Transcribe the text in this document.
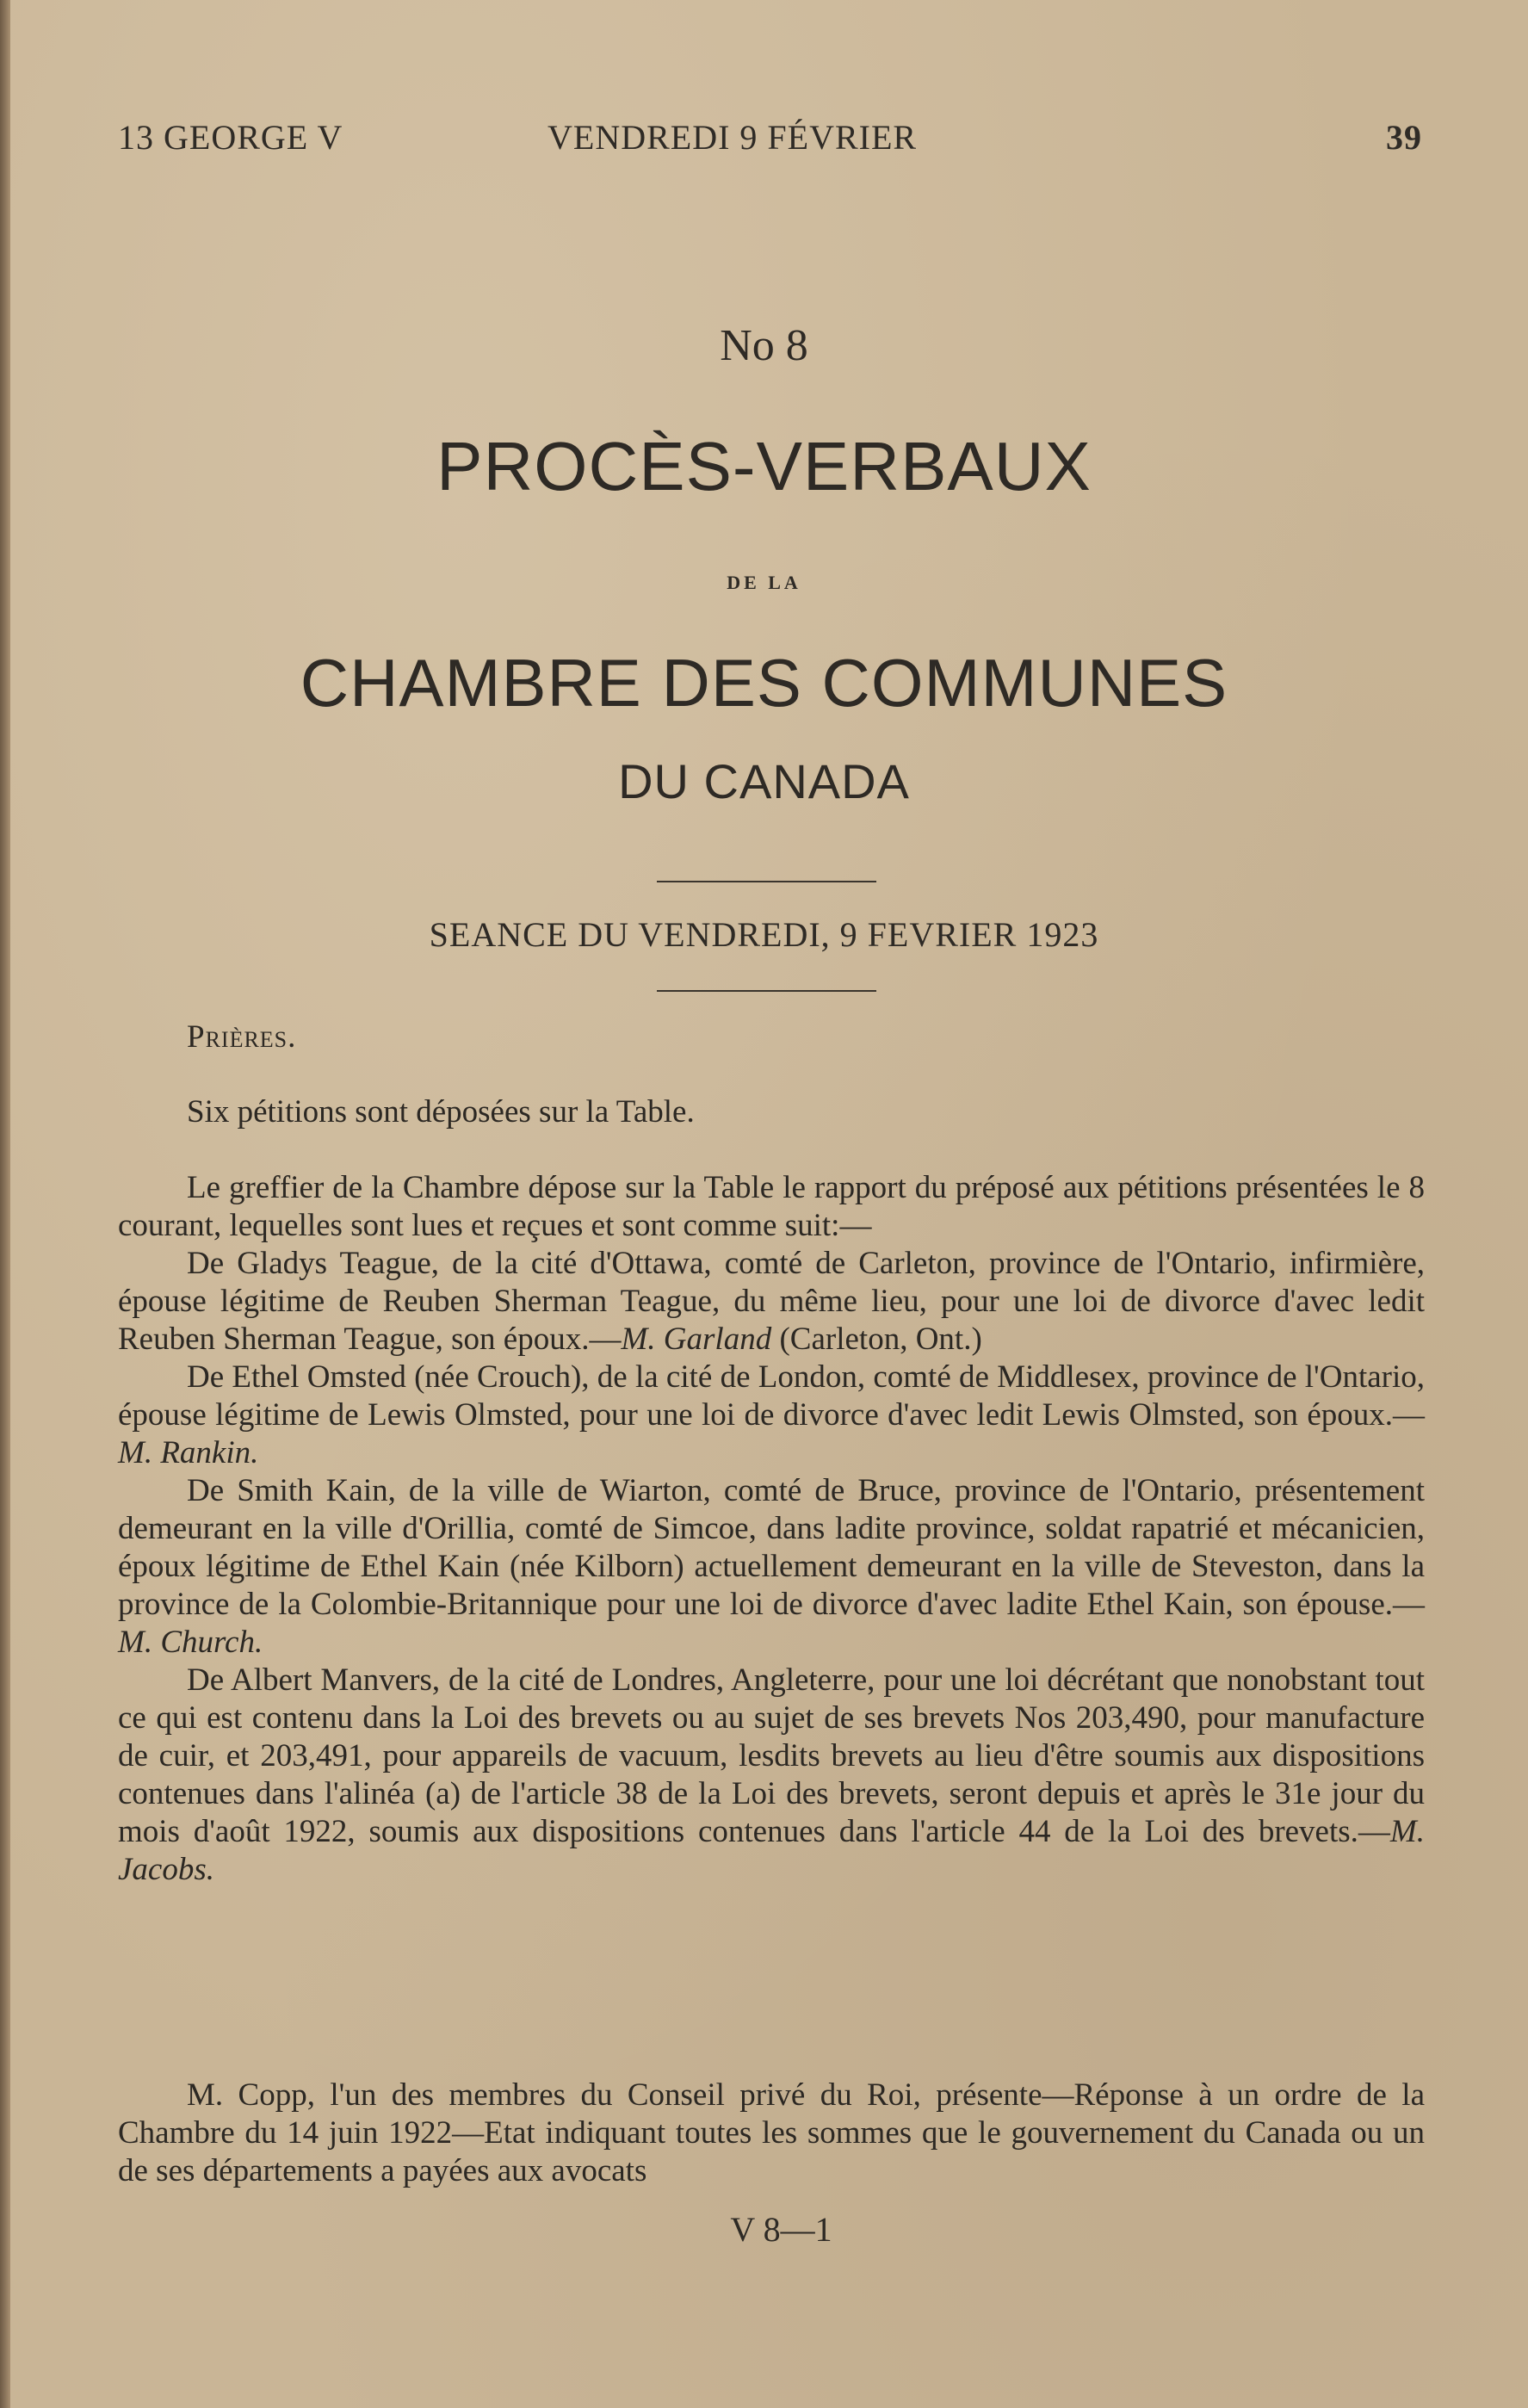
13 GEORGE V	VENDREDI 9 FÉVRIER	39
No 8
PROCÈS-VERBAUX
DE LA
CHAMBRE DES COMMUNES
DU CANADA
SEANCE DU VENDREDI, 9 FEVRIER 1923

Prières.

Six pétitions sont déposées sur la Table.

Le greffier de la Chambre dépose sur la Table le rapport du préposé aux pétitions présentées le 8 courant, lequelles sont lues et reçues et sont comme suit:—

De Gladys Teague, de la cité d'Ottawa, comté de Carleton, province de l'Ontario, infirmière, épouse légitime de Reuben Sherman Teague, du même lieu, pour une loi de divorce d'avec ledit Reuben Sherman Teague, son époux.—M. Garland (Carleton, Ont.)

De Ethel Omsted (née Crouch), de la cité de London, comté de Middlesex, province de l'Ontario, épouse légitime de Lewis Olmsted, pour une loi de divorce d'avec ledit Lewis Olmsted, son époux.—M. Rankin.

De Smith Kain, de la ville de Wiarton, comté de Bruce, province de l'Ontario, présentement demeurant en la ville d'Orillia, comté de Simcoe, dans ladite province, soldat rapatrié et mécanicien, époux légitime de Ethel Kain (née Kilborn) actuellement demeurant en la ville de Steveston, dans la province de la Colombie-Britannique pour une loi de divorce d'avec ladite Ethel Kain, son épouse.—M. Church.

De Albert Manvers, de la cité de Londres, Angleterre, pour une loi décrétant que nonobstant tout ce qui est contenu dans la Loi des brevets ou au sujet de ses brevets Nos 203,490, pour manufacture de cuir, et 203,491, pour appareils de vacuum, lesdits brevets au lieu d'être soumis aux dispositions contenues dans l'alinéa (a) de l'article 38 de la Loi des brevets, seront depuis et après le 31e jour du mois d'août 1922, soumis aux dispositions contenues dans l'article 44 de la Loi des brevets.—M. Jacobs.

M. Copp, l'un des membres du Conseil privé du Roi, présente—Réponse à un ordre de la Chambre du 14 juin 1922—Etat indiquant toutes les sommes que le gouvernement du Canada ou un de ses départements a payées aux avocats

V 8—1
